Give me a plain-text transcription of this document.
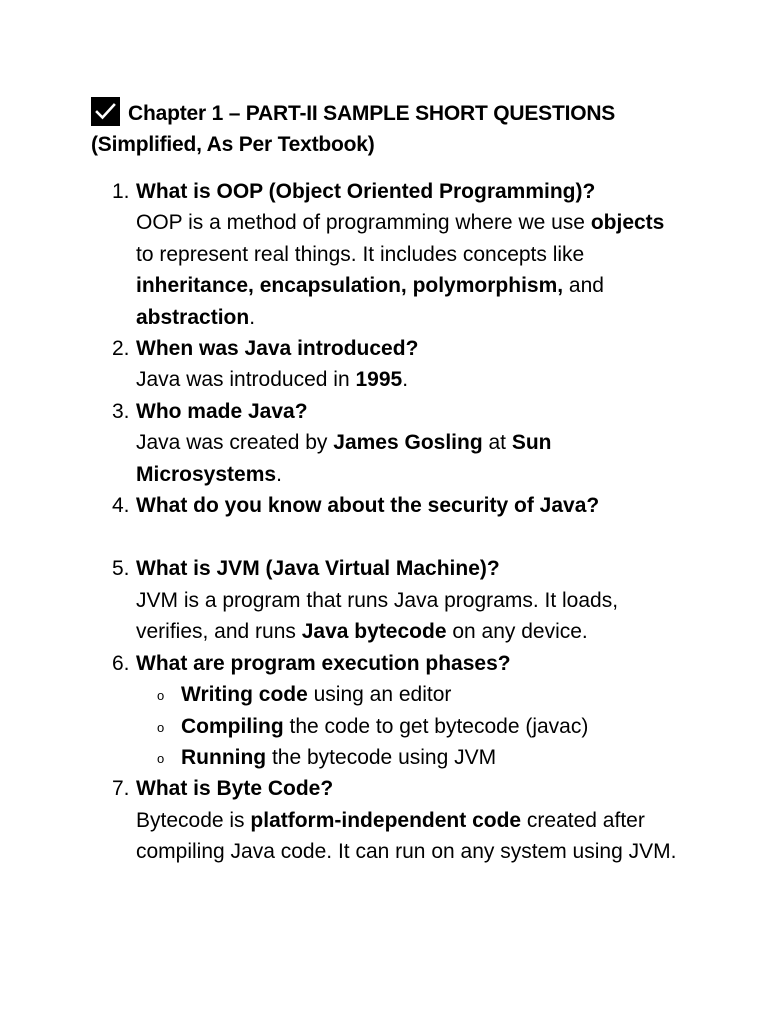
Chapter 1 – PART-II SAMPLE SHORT QUESTIONS
(Simplified, As Per Textbook)
1. What is OOP (Object Oriented Programming)?
OOP is a method of programming where we use objects to represent real things. It includes concepts like inheritance, encapsulation, polymorphism, and abstraction.
2. When was Java introduced?
Java was introduced in 1995.
3. Who made Java?
Java was created by James Gosling at Sun Microsystems.
4. What do you know about the security of Java?
5. What is JVM (Java Virtual Machine)?
JVM is a program that runs Java programs. It loads, verifies, and runs Java bytecode on any device.
6. What are program execution phases?
o Writing code using an editor
o Compiling the code to get bytecode (javac)
o Running the bytecode using JVM
7. What is Byte Code?
Bytecode is platform-independent code created after compiling Java code. It can run on any system using JVM.
